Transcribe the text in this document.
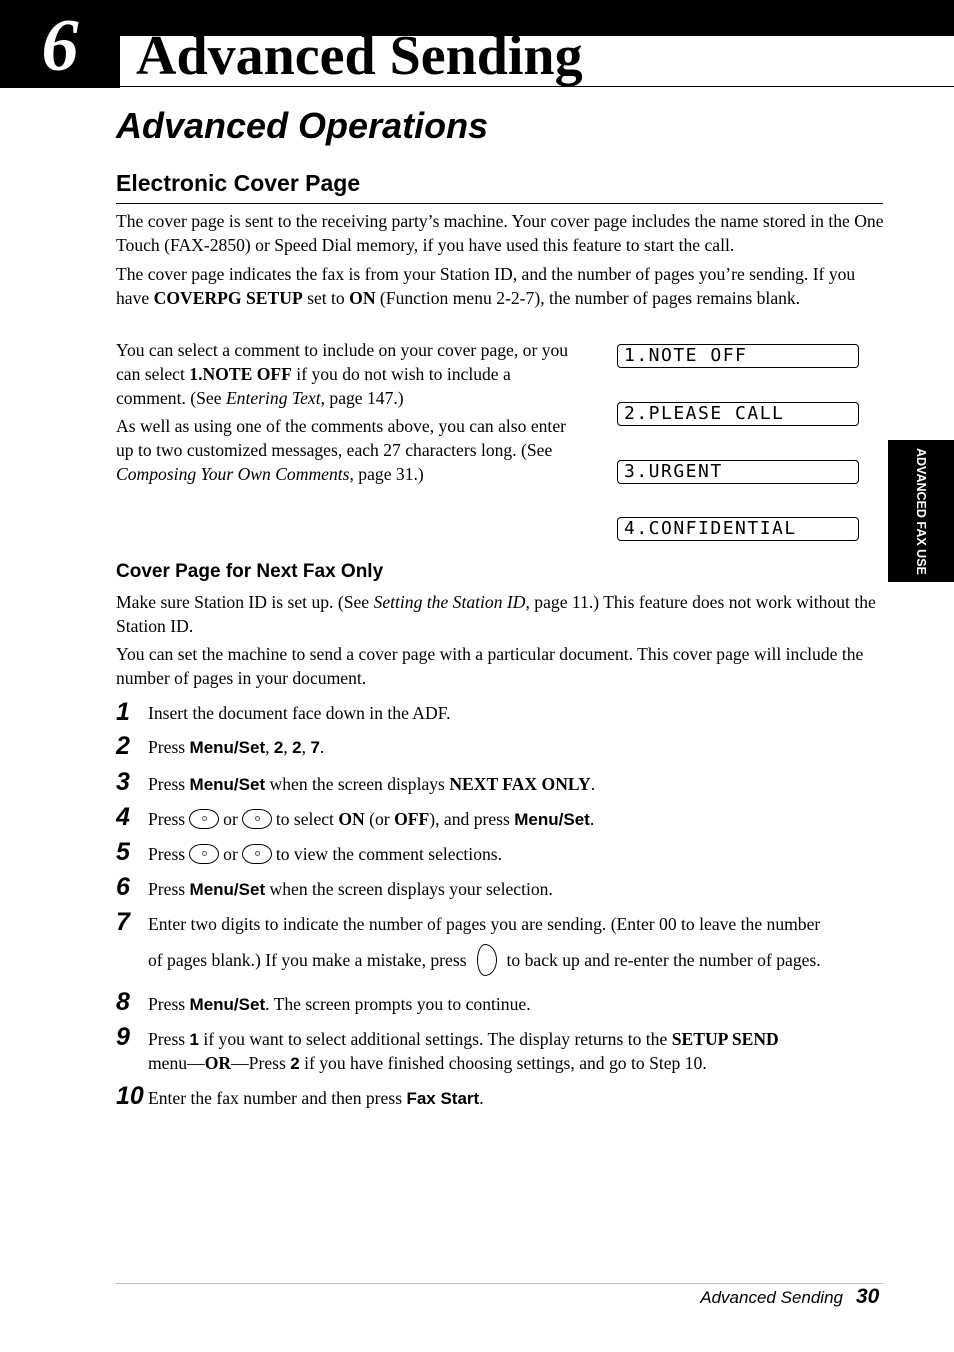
6	Advanced Sending
Advanced Operations
Electronic Cover Page

The cover page is sent to the receiving party’s machine. Your cover page includes the name stored in the One Touch (FAX-2850) or Speed Dial memory, if you have used this feature to start the call.

The cover page indicates the fax is from your Station ID, and the number of pages you’re sending. If you have COVERPG SETUP set to ON (Function menu 2-2-7), the number of pages remains blank.

You can select a comment to include on your cover page, or you can select 1.NOTE OFF if you do not wish to include a comment. (See Entering Text, page 147.)

As well as using one of the comments above, you can also enter up to two customized messages, each 27 characters long. (See Composing Your Own Comments, page 31.)

1.NOTE OFF
2.PLEASE CALL
3.URGENT
4.CONFIDENTIAL	ADVANCED FAX USE
Cover Page for Next Fax Only

Make sure Station ID is set up. (See Setting the Station ID, page 11.) This feature does not work without the Station ID.

You can set the machine to send a cover page with a particular document. This cover page will include the number of pages in your document.

1	Insert the document face down in the ADF.
2	Press Menu/Set, 2, 2, 7.
3	Press Menu/Set when the screen displays NEXT FAX ONLY.
4	Press or to select ON (or OFF), and press Menu/Set.
5	Press or to view the comment selections.
6	Press Menu/Set when the screen displays your selection.
7	Enter two digits to indicate the number of pages you are sending. (Enter 00 to leave the number
of pages blank.) If you make a mistake, press to back up and re-enter the number of pages.
8	Press Menu/Set. The screen prompts you to continue.
9	Press 1 if you want to select additional settings. The display returns to the SETUP SEND
menu—OR—Press 2 if you have finished choosing settings, and go to Step 10.
10 Enter the fax number and then press Fax Start.
Advanced Sending 30
